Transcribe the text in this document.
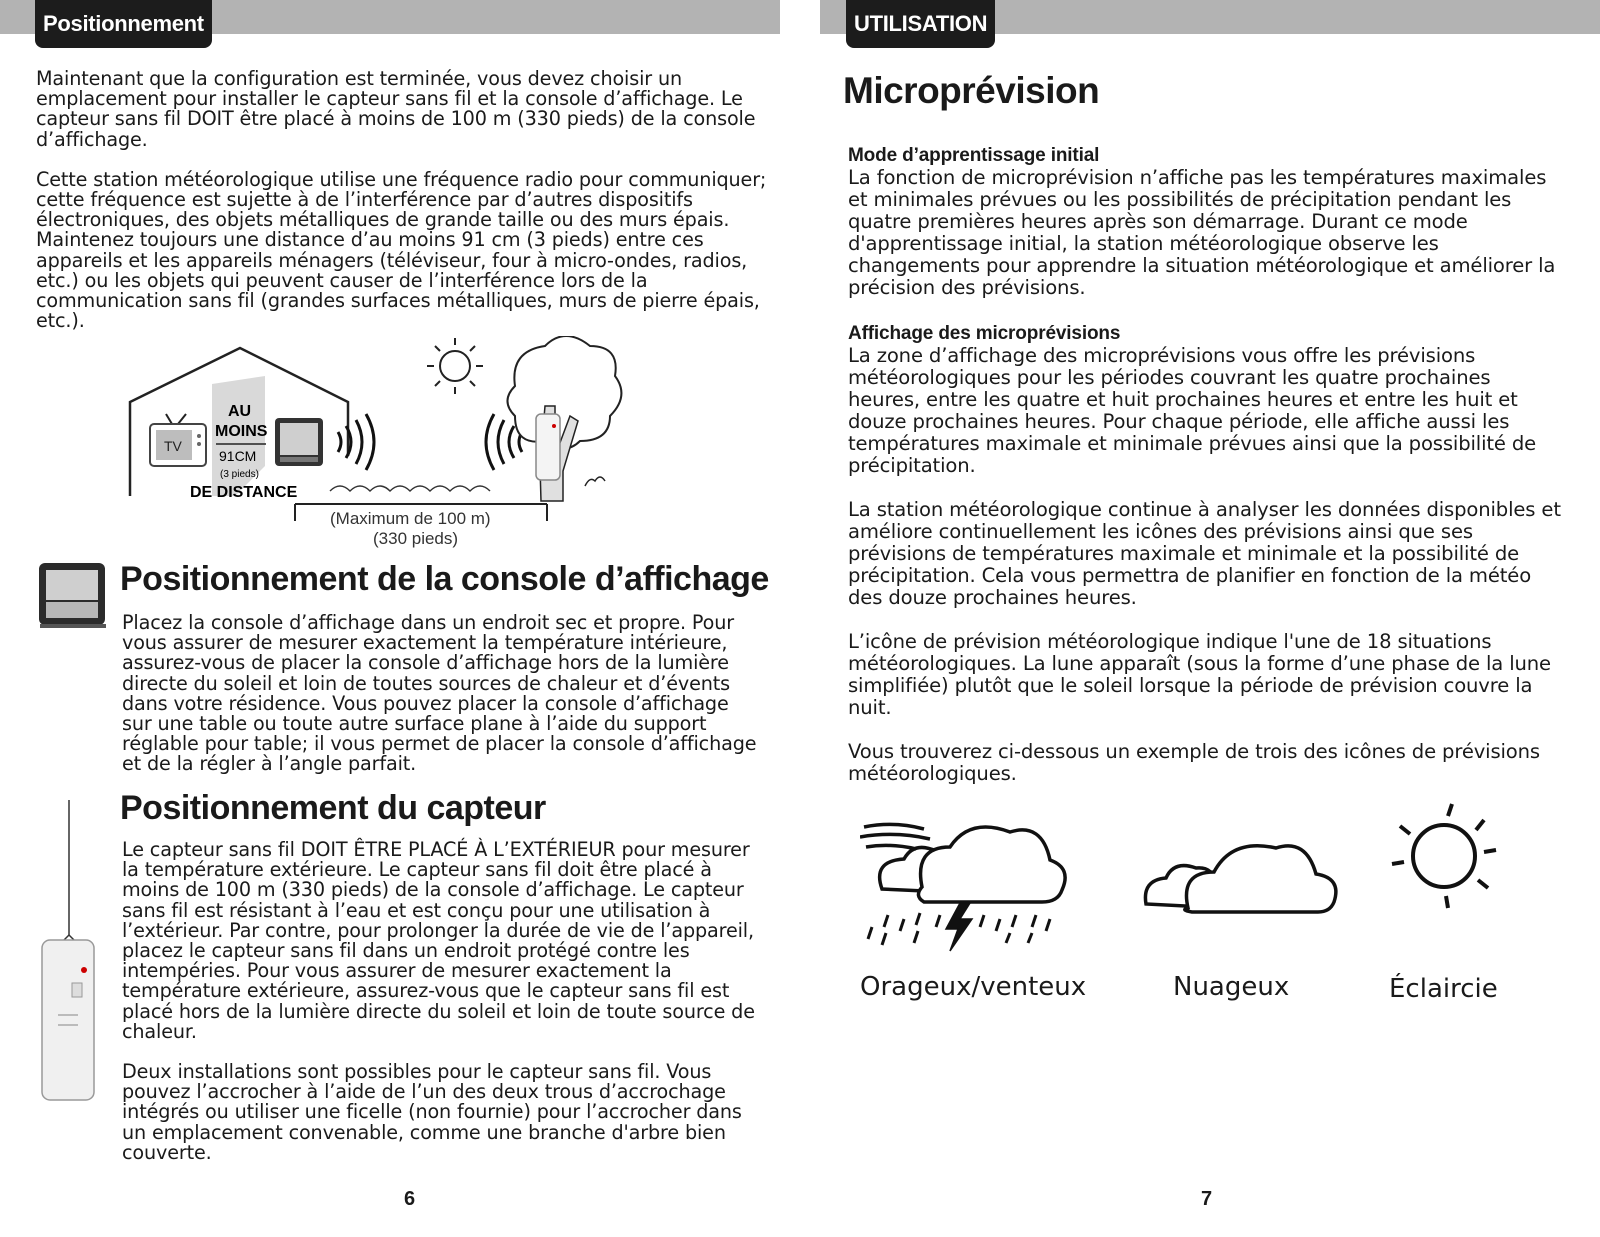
Positionnement	UTILISATION

Maintenant que la configuration est terminée, vous devez choisir un emplacement pour installer le capteur sans fil et la console d’affichage. Le capteur sans fil DOIT être placé à moins de 100 m (330 pieds) de la console d’affichage.

Cette station météorologique utilise une fréquence radio pour communiquer; cette fréquence est sujette à de l’interférence par d’autres dispositifs électroniques, des objets métalliques de grande taille ou des murs épais. Maintenez toujours une distance d’au moins 91 cm (3 pieds) entre ces appareils et les appareils ménagers (téléviseur, four à micro-ondes, radios, etc.) ou les objets qui peuvent causer de l’interférence lors de la communication sans fil (grandes surfaces métalliques, murs de pierre épais, etc.).

TV
AU
MOINS
91CM
(3 pieds)
DE DISTANCE
(Maximum de 100 m)
(330 pieds)
Positionnement de la console d’affichage
Placez la console d’affichage dans un endroit sec et propre. Pour vous assurer de mesurer exactement la température intérieure, assurez-vous de placer la console d’affichage hors de la lumière directe du soleil et loin de toutes sources de chaleur et d’évents dans votre résidence. Vous pouvez placer la console d’affichage sur une table ou toute autre surface plane à l’aide du support réglable pour table; il vous permet de placer la console d’affichage et de la régler à l’angle parfait.
Positionnement du capteur

Le capteur sans fil DOIT ÊTRE PLACÉ À L’EXTÉRIEUR pour mesurer la température extérieure. Le capteur sans fil doit être placé à moins de 100 m (330 pieds) de la console d’affichage. Le capteur sans fil est résistant à l’eau et est conçu pour une utilisation à l’extérieur. Par contre, pour prolonger la durée de vie de l’appareil, placez le capteur sans fil dans un endroit protégé contre les intempéries. Pour vous assurer de mesurer exactement la température extérieure, assurez-vous que le capteur sans fil est placé hors de la lumière directe du soleil et loin de toute source de chaleur.

Deux installations sont possibles pour le capteur sans fil. Vous pouvez l’accrocher à l’aide de l’un des deux trous d’accrochage intégrés ou utiliser une ficelle (non fournie) pour l’accrocher dans un emplacement convenable, comme une branche d'arbre bien couverte.

6
Microprévision
Mode d’apprentissage initial

La fonction de microprévision n’affiche pas les températures maximales et minimales prévues ou les possibilités de précipitation pendant les quatre premières heures après son démarrage. Durant ce mode d'apprentissage initial, la station météorologique observe les changements pour apprendre la situation météorologique et améliorer la précision des prévisions.

Affichage des microprévisions

La zone d’affichage des microprévisions vous offre les prévisions météorologiques pour les périodes couvrant les quatre prochaines heures, entre les quatre et huit prochaines heures et entre les huit et douze prochaines heures. Pour chaque période, elle affiche aussi les températures maximale et minimale prévues ainsi que la possibilité de précipitation.

La station météorologique continue à analyser les données disponibles et améliore continuellement les icônes des prévisions ainsi que ses prévisions de températures maximale et minimale et la possibilité de précipitation. Cela vous permettra de planifier en fonction de la météo des douze prochaines heures.

L’icône de prévision météorologique indique l'une de 18 situations météorologiques. La lune apparaît (sous la forme d’une phase de la lune simplifiée) plutôt que le soleil lorsque la période de prévision couvre la nuit.

Vous trouverez ci-dessous un exemple de trois des icônes de prévisions météorologiques.

Orageux/venteux	Nuageux	Éclaircie
7
